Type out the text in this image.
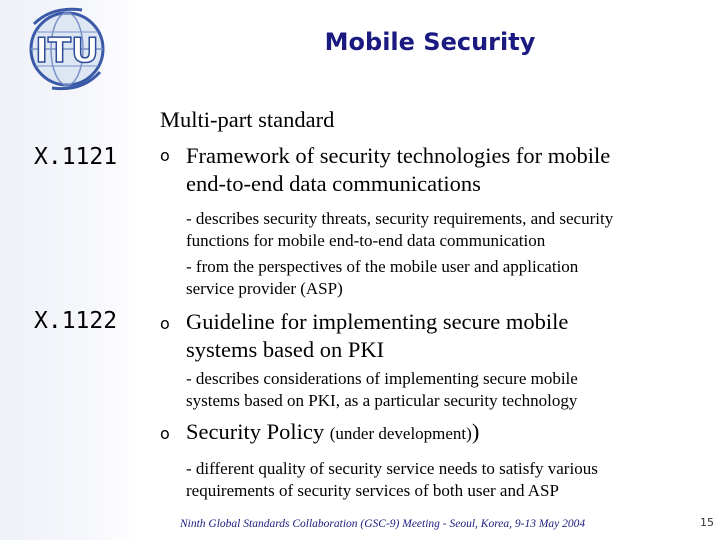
ITU	Mobile Security
X.1121
X.1122
Multi-part standard
o Framework of security technologies for mobile
end-to-end data communications
- describes security threats, security requirements, and security
functions for mobile end-to-end data communication
- from the perspectives of the mobile user and application
service provider (ASP)
o Guideline for implementing secure mobile
systems based on PKI
- describes considerations of implementing secure mobile
systems based on PKI, as a particular security technology
o Security Policy (under development))
- different quality of security service needs to satisfy various
requirements of security services of both user and ASP
Ninth Global Standards Collaboration (GSC-9) Meeting - Seoul, Korea, 9-13 May 2004	15
